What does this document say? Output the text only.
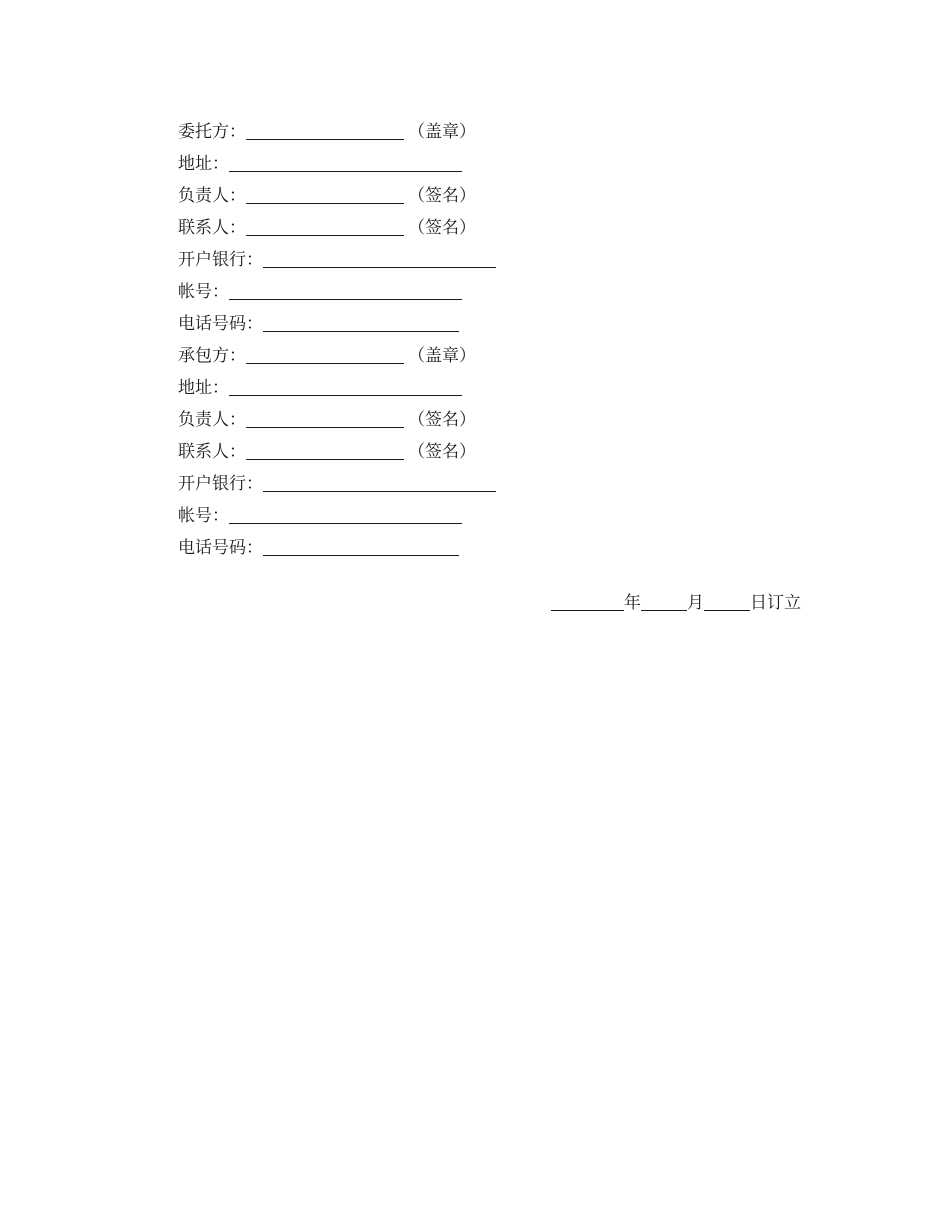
委托方：	（盖章）
地址：
负责人：	（签名）
联系人：	（签名）
开户银行：
帐号：
电话号码：
承包方：	（盖章）
地址：
负责人：	（签名）
联系人：	（签名）
开户银行：
帐号：
电话号码：
年	月	日订立
